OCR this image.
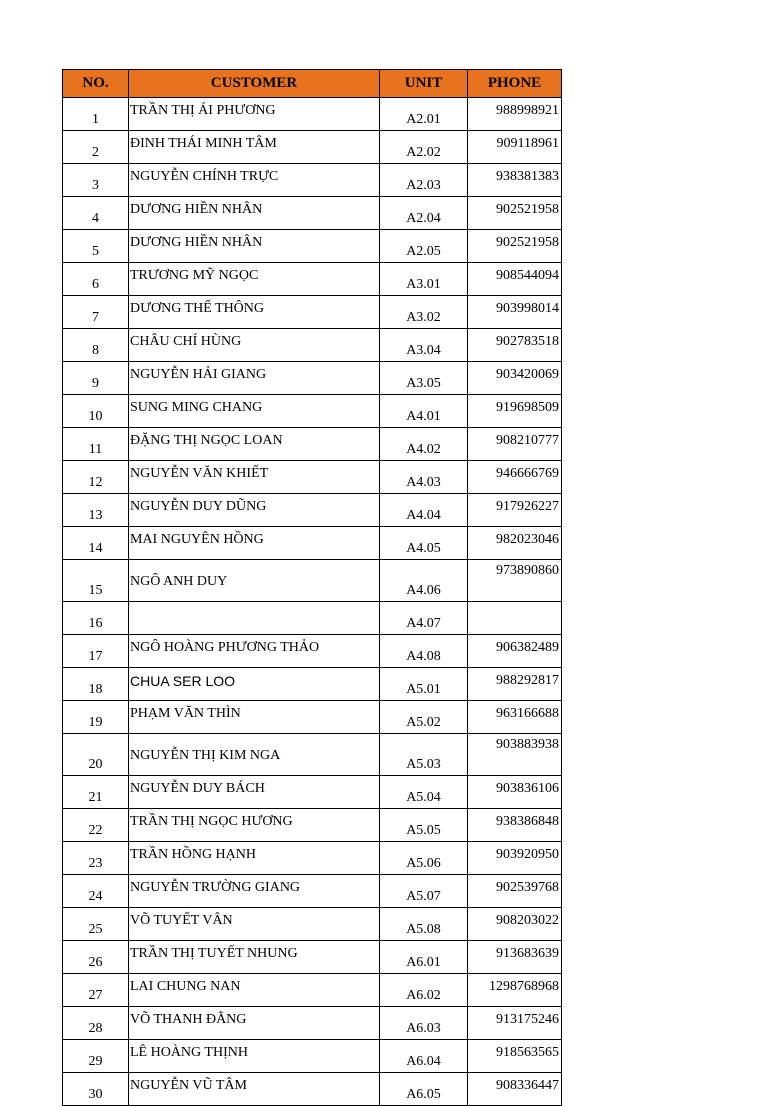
NO.	CUSTOMER	UNIT	PHONE
1	TRẦN THỊ ÁI PHƯƠNG	A2.01	988998921
2	ĐINH THÁI MINH TÂM	A2.02	909118961
3	NGUYỄN CHÍNH TRỰC	A2.03	938381383
4	DƯƠNG HIỀN NHÂN	A2.04	902521958
5	DƯƠNG HIỀN NHÂN	A2.05	902521958
6	TRƯƠNG MỸ NGỌC	A3.01	908544094
7	DƯƠNG THẾ THÔNG	A3.02	903998014
8	CHÂU CHÍ HÙNG	A3.04	902783518
9	NGUYỄN HẢI GIANG	A3.05	903420069
10	SUNG MING CHANG	A4.01	919698509
11	ĐẶNG THỊ NGỌC LOAN	A4.02	908210777
12	NGUYỄN VĂN KHIẾT	A4.03	946666769
13	NGUYỄN DUY DŨNG	A4.04	917926227
14	MAI NGUYÊN HỒNG	A4.05	982023046
15	NGÔ ANH DUY	A4.06	973890860
16		A4.07	
17	NGÔ HOÀNG PHƯƠNG THẢO	A4.08	906382489
18	CHUA SER LOO	A5.01	988292817
19	PHẠM VĂN THÌN	A5.02	963166688
20	NGUYỄN THỊ KIM NGA	A5.03	903883938
21	NGUYỄN DUY BÁCH	A5.04	903836106
22	TRẦN THỊ NGỌC HƯƠNG	A5.05	938386848
23	TRẦN HỒNG HẠNH	A5.06	903920950
24	NGUYỄN TRƯỜNG GIANG	A5.07	902539768
25	VÕ TUYẾT VÂN	A5.08	908203022
26	TRẦN THỊ TUYẾT NHUNG	A6.01	913683639
27	LAI CHUNG NAN	A6.02	1298768968
28	VÕ THANH ĐẰNG	A6.03	913175246
29	LÊ HOÀNG THỊNH	A6.04	918563565
30	NGUYỄN VŨ TÂM	A6.05	908336447
